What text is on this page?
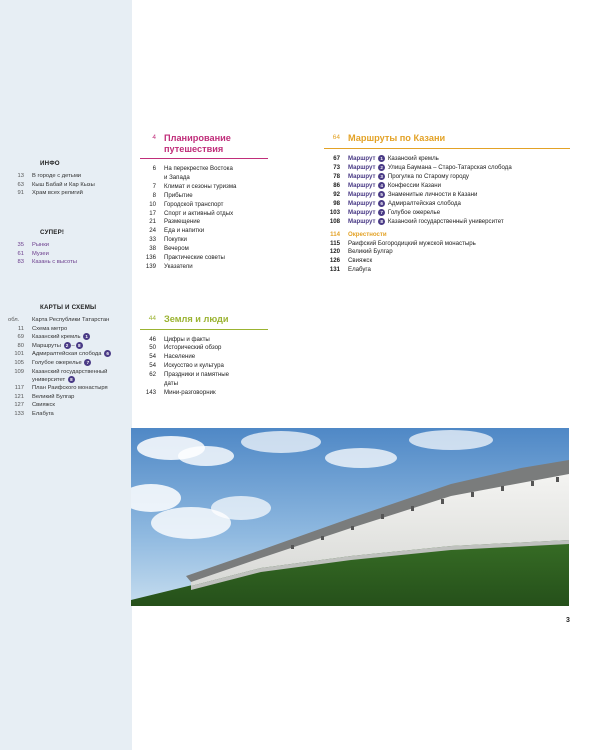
ИНФО
13	В городе с детьми
63	Кыш Бабай и Кар Кызы
91	Храм всех религий
СУПЕР!
35	Рынки
61	Музеи
83	Казань с высоты
КАРТЫ И СХЕМЫ
обл.	Карта Республики Татарстан
11	Схема метро
69	Казанский кремль 1
80	Маршруты 2 – 8
101	Адмиралтейская слобода 6
105	Голубое ожерелье 7
109	Казанский государственный
университет 8
117	План Раифского монастыря
121	Великий Булгар
127	Свияжск
133	Елабуга
4 Планирование
путешествия
6	На перекрестке Востока
и Запада
7	Климат и сезоны туризма
8	Прибытие
10	Городской транспорт
17	Спорт и активный отдых
21	Размещение
24	Еда и напитки
33	Покупки
38	Вечером
136	Практические советы
139	Указатели
44 Земля и люди
46	Цифры и факты
50	Исторический обзор
54	Население
54	Искусство и культура
62	Праздники и памятные
даты
143	Мини-разговорник
64 Маршруты по Казани
67	Маршрут 1 Казанский кремль
73	Маршрут 2 Улица Баумана – Старо-Татарская слобода
78	Маршрут 3 Прогулка по Старому городу
86	Маршрут 4 Конфессии Казани
92	Маршрут 5 Знаменитые личности в Казани
98	Маршрут 6 Адмиралтейская слобода
103	Маршрут 7 Голубое ожерелье
108	Маршрут 8 Казанский государственный университет
114	Окрестности
115	Раифский Богородицкий мужской монастырь
120	Великий Булгар
126	Свияжск
131	Елабуга
3
